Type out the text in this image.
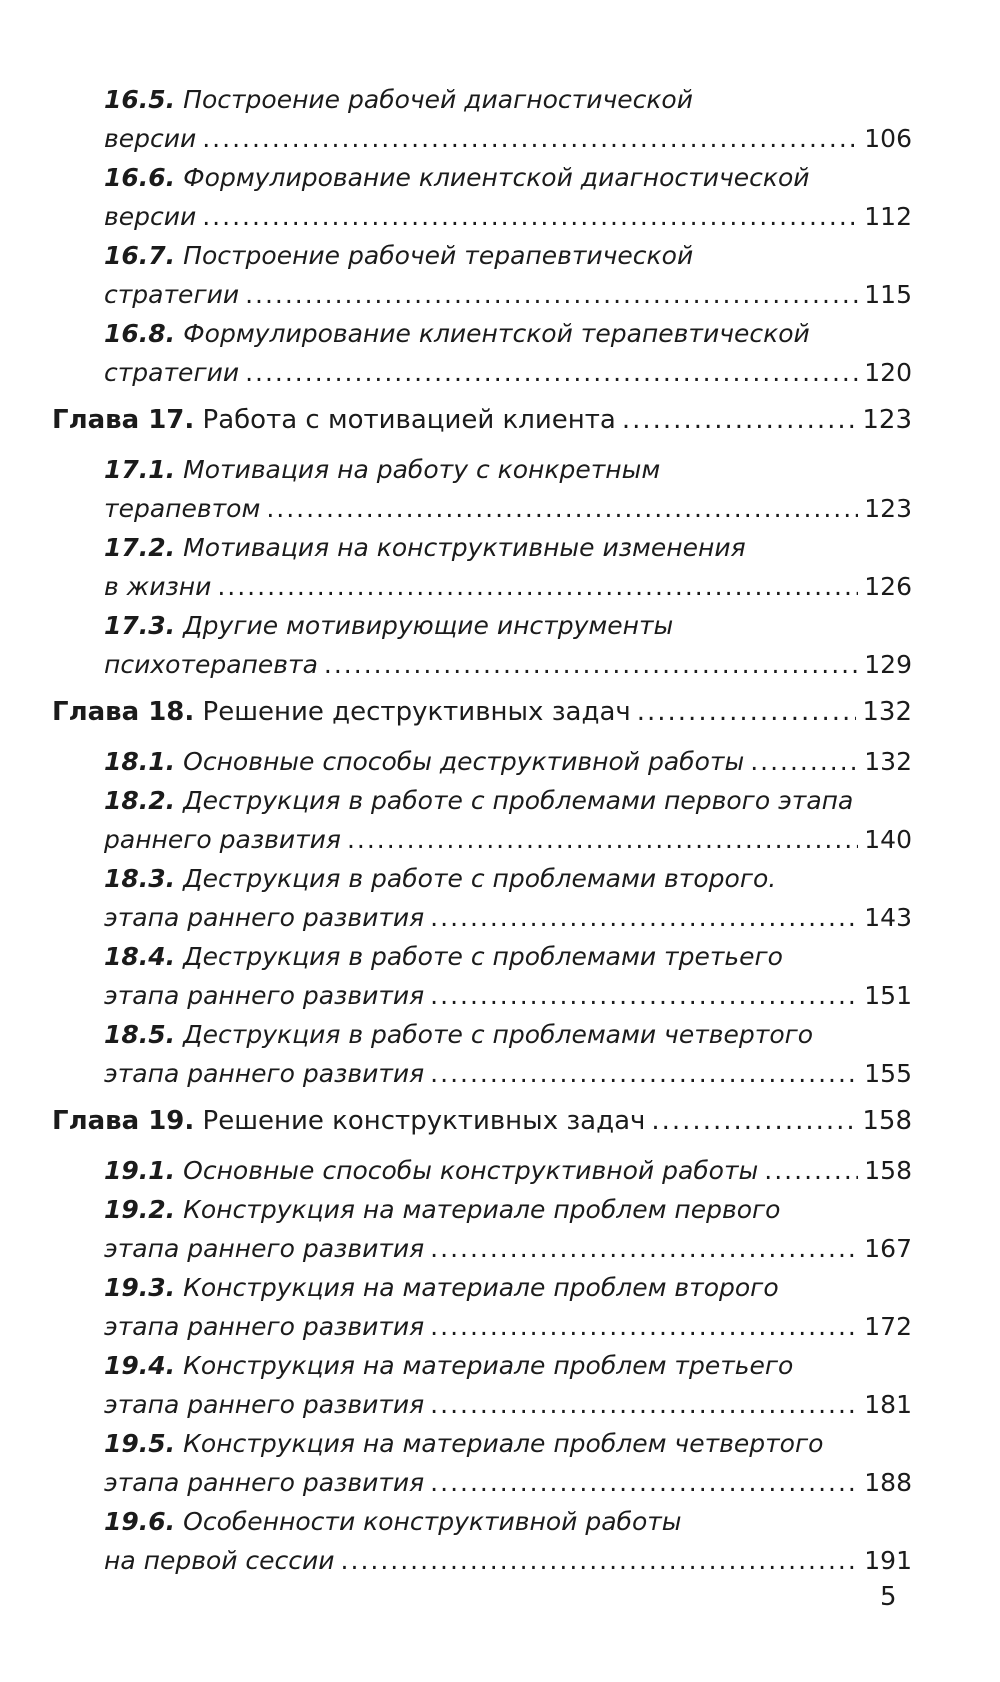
16.5. Построение рабочей диагностической
версии .....	106
16.6. Формулирование клиентской диагностической
версии .....	112
16.7. Построение рабочей терапевтической
стратегии .....	115
16.8. Формулирование клиентской терапевтической
стратегии .....	120
Глава 17. Работа с мотивацией клиента .....	123
17.1. Мотивация на работу с конкретным
терапевтом .....	123
17.2. Мотивация на конструктивные изменения
в жизни .....	126
17.3. Другие мотивирующие инструменты
психотерапевта .....	129
Глава 18. Решение деструктивных задач .....	132
18.1. Основные способы деструктивной работы .....	132
18.2. Деструкция в работе с проблемами первого этапа
раннего развития .....	140
18.3. Деструкция в работе с проблемами второго.
этапа раннего развития .....	143
18.4. Деструкция в работе с проблемами третьего
этапа раннего развития .....	151
18.5. Деструкция в работе с проблемами четвертого
этапа раннего развития .....	155
Глава 19. Решение конструктивных задач .....	158
19.1. Основные способы конструктивной работы .....	158
19.2. Конструкция на материале проблем первого
этапа раннего развития .....	167
19.3. Конструкция на материале проблем второго
этапа раннего развития .....	172
19.4. Конструкция на материале проблем третьего
этапа раннего развития .....	181
19.5. Конструкция на материале проблем четвертого
этапа раннего развития .....	188
19.6. Особенности конструктивной работы
на первой сессии .....	191
5
